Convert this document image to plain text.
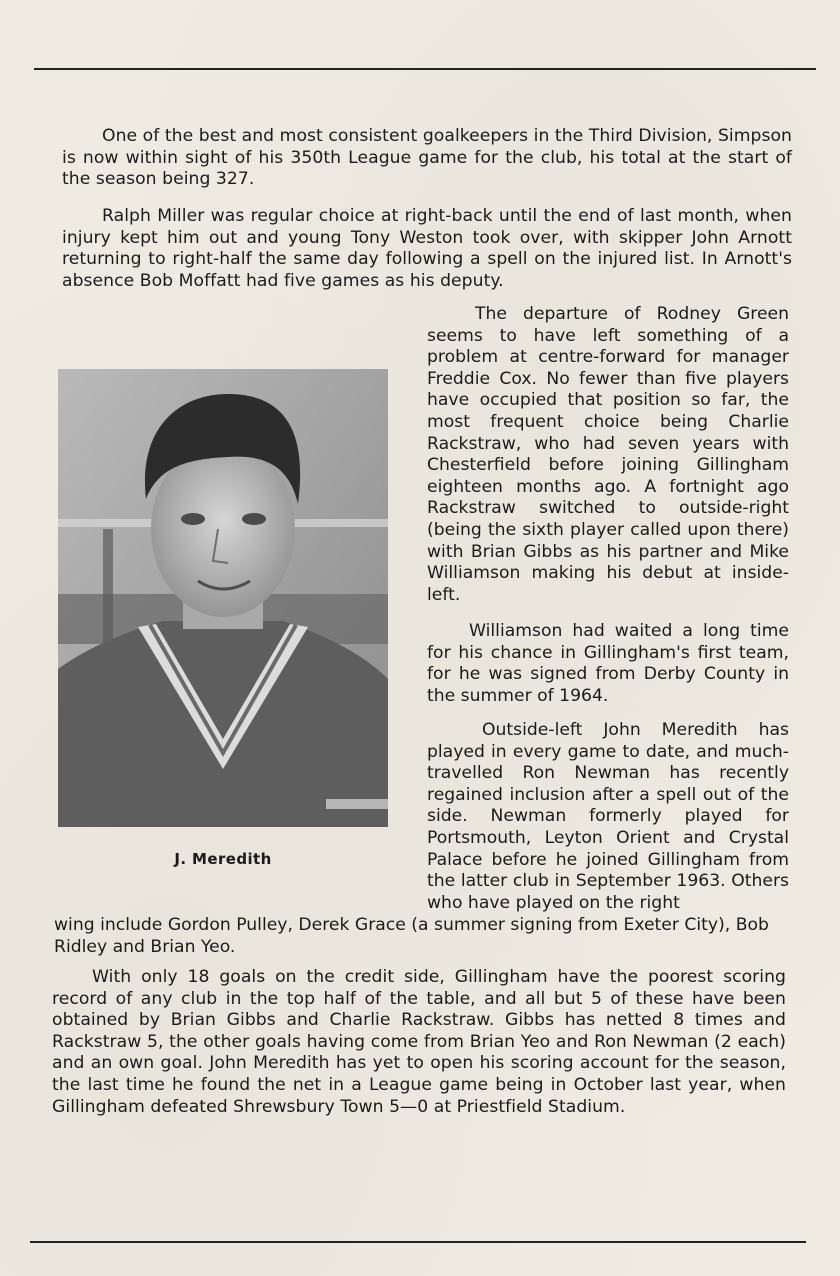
One of the best and most consistent goalkeepers in the Third Division, Simpson is now within sight of his 350th League game for the club, his total at the start of the season being 327.

Ralph Miller was regular choice at right-back until the end of last month, when injury kept him out and young Tony Weston took over, with skipper John Arnott returning to right-half the same day following a spell on the injured list. In Arnott's absence Bob Moffatt had five games as his deputy.

J. Meredith

The departure of Rodney Green seems to have left something of a problem at centre-forward for manager Freddie Cox. No fewer than five players have occupied that position so far, the most frequent choice being Charlie Rackstraw, who had seven years with Chesterfield before joining Gillingham eighteen months ago. A fortnight ago Rackstraw switched to outside-right (being the sixth player called upon there) with Brian Gibbs as his partner and Mike Williamson making his debut at inside-left.

Williamson had waited a long time for his chance in Gillingham's first team, for he was signed from Derby County in the summer of 1964.

Outside-left John Meredith has played in every game to date, and much-travelled Ron Newman has recently regained inclusion after a spell out of the side. Newman formerly played for Portsmouth, Leyton Orient and Crystal Palace before he joined Gillingham from the latter club in September 1963. Others who have played on the right

wing include Gordon Pulley, Derek Grace (a summer signing from Exeter City), Bob Ridley and Brian Yeo.

With only 18 goals on the credit side, Gillingham have the poorest scoring record of any club in the top half of the table, and all but 5 of these have been obtained by Brian Gibbs and Charlie Rackstraw. Gibbs has netted 8 times and Rackstraw 5, the other goals having come from Brian Yeo and Ron Newman (2 each) and an own goal. John Meredith has yet to open his scoring account for the season, the last time he found the net in a League game being in October last year, when Gillingham defeated Shrewsbury Town 5—0 at Priestfield Stadium.
